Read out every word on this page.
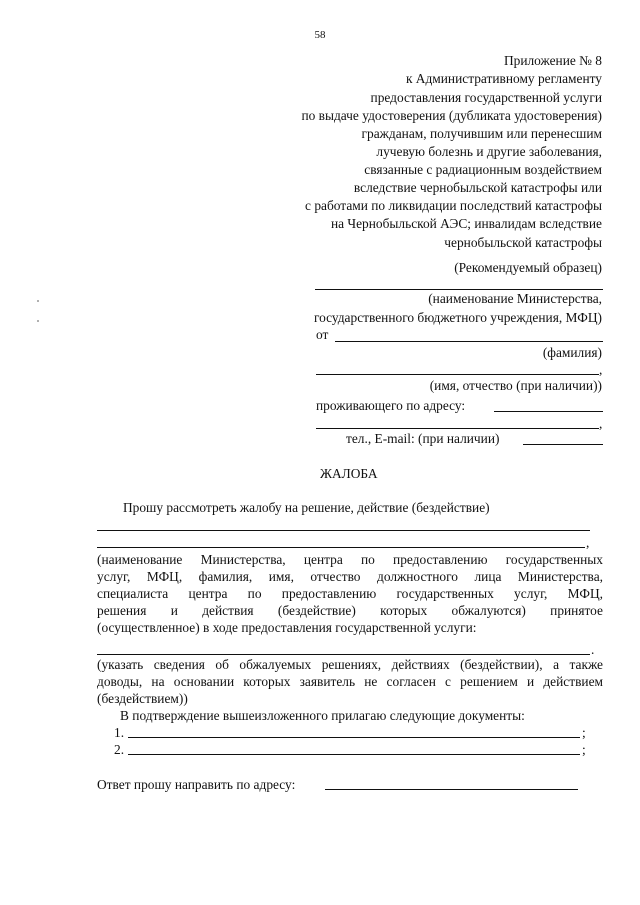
58
Приложение № 8
к Административному регламенту
предоставления государственной услуги
по выдаче удостоверения (дубликата удостоверения)
гражданам, получившим или перенесшим
лучевую болезнь и другие заболевания,
связанные с радиационным воздействием
вследствие чернобыльской катастрофы или
с работами по ликвидации последствий катастрофы
на Чернобыльской АЭС; инвалидам вследствие
чернобыльской катастрофы
(Рекомендуемый образец)
(наименование Министерства,
государственного бюджетного учреждения, МФЦ)
от
(фамилия)
,
(имя, отчество (при наличии))
проживающего по адресу:
,
тел., E-mail: (при наличии)
ЖАЛОБА
Прошу рассмотреть жалобу на решение, действие (бездействие)
,
(наименование Министерства, центра по предоставлению государственных
услуг, МФЦ, фамилия, имя, отчество должностного лица Министерства,
специалиста центра по предоставлению государственных услуг, МФЦ,
решения и действия (бездействие) которых обжалуются) принятое
(осуществленное) в ходе предоставления государственной услуги:
.
(указать сведения об обжалуемых решениях, действиях (бездействии), а также
доводы, на основании которых заявитель не согласен с решением и действием
(бездействием))
В подтверждение вышеизложенного прилагаю следующие документы:
1.	;
2.	;
Ответ прошу направить по адресу:
